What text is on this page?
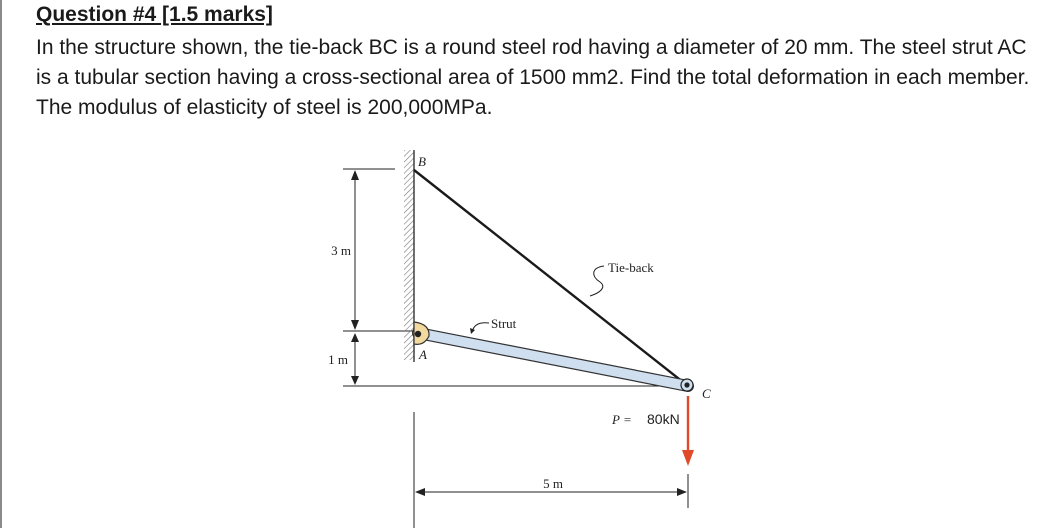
Question #4 [1.5 marks]

In the structure shown, the tie-back BC is a round steel rod having a diameter of 20 mm. The steel strut AC is a tubular section having a cross-sectional area of 1500 mm2. Find the total deformation in each member. The modulus of elasticity of steel is 200,000MPa.

3 m
1 m
B
A
C
Tie-back
Strut
P = 80kN
5 m
